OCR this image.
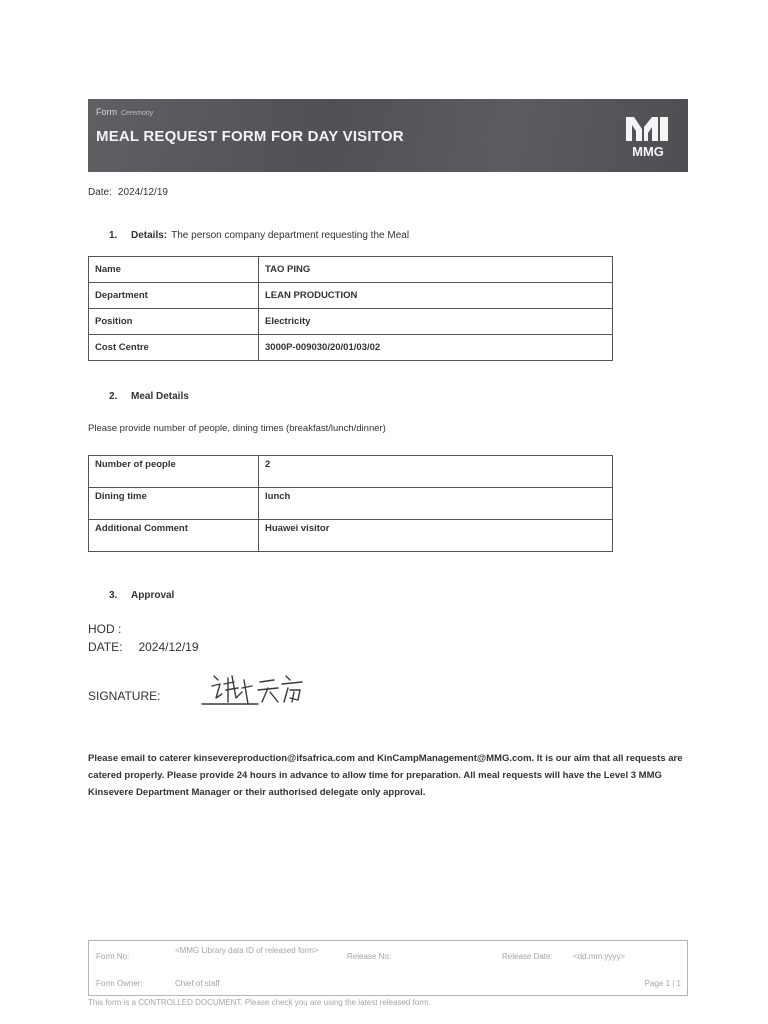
Form Ceremony
MEAL REQUEST FORM FOR DAY VISITOR
MMG
Date: 2024/12/19
1. Details: The person company department requesting the Meal
Name	TAO PING
Department	LEAN PRODUCTION
Position	Electricity
Cost Centre	3000P-009030/20/01/03/02
2. Meal Details
Please provide number of people, dining times (breakfast/lunch/dinner)
Number of people	2
Dining time	lunch
Additional Comment	Huawei visitor
3. Approval
HOD :
DATE: 2024/12/19
SIGNATURE:
Please email to caterer kinsevereproduction@ifsafrica.com and KinCampManagement@MMG.com. It is our aim that all requests are catered properly. Please provide 24 hours in advance to allow time for preparation. All meal requests will have the Level 3 MMG Kinsevere Department Manager or their authorised delegate only approval.
Form No:
<MMG Library data ID of released form>
Release No:	Release Date:	<dd.mm.yyyy>
Form Owner:	Chief of staff	Page 1 | 1
This form is a CONTROLLED DOCUMENT. Please check you are using the latest released form.
